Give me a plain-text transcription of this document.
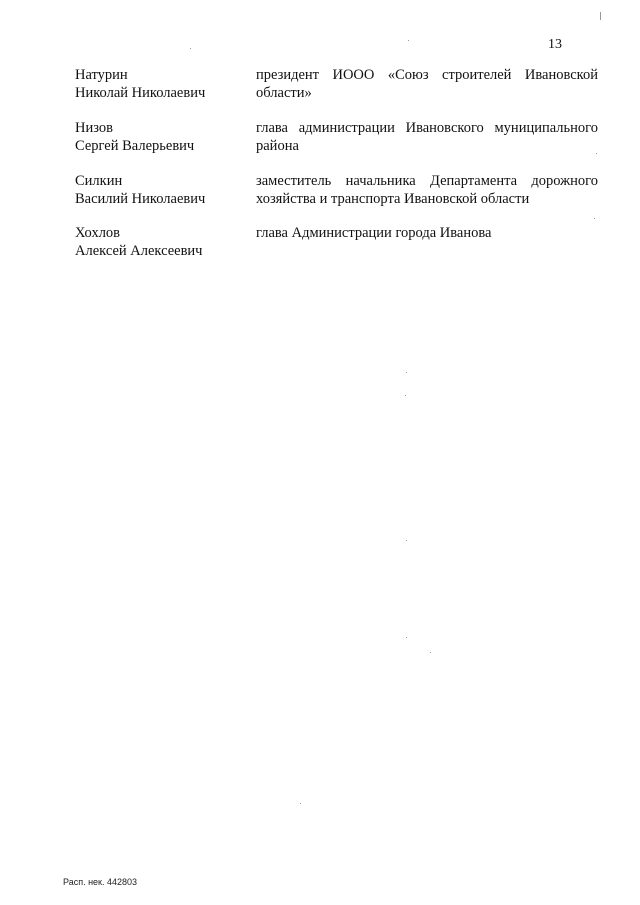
13
Натурин
Николай Николаевич
президент ИООО «Союз строителей Ивановской области»
Низов
Сергей Валерьевич
глава администрации Ивановского муниципального района
Силкин
Василий Николаевич
заместитель начальника Департамента дорожного хозяйства и транспорта Ивановской области
Хохлов
Алексей Алексеевич
глава Администрации города Иванова
Расп. нек. 442803
